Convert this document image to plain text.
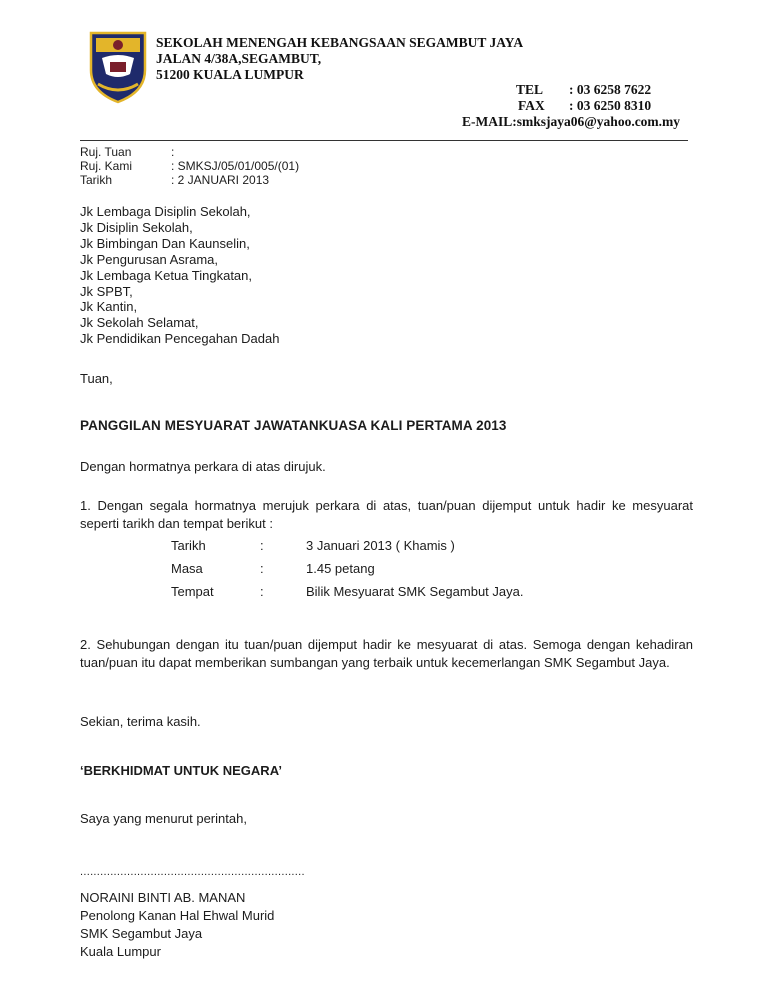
SEKOLAH MENENGAH KEBANGSAAN SEGAMBUT JAYA
JALAN 4/38A,SEGAMBUT,
51200 KUALA LUMPUR
TEL : 03 6258 7622
FAX : 03 6250 8310
E-MAIL:smksjaya06@yahoo.com.my
Ruj. Tuan	:
Ruj. Kami	: SMKSJ/05/01/005/(01)
Tarikh	: 2 JANUARI 2013
Jk Lembaga Disiplin Sekolah,
Jk Disiplin Sekolah,
Jk Bimbingan Dan Kaunselin,
Jk Pengurusan Asrama,
Jk Lembaga Ketua Tingkatan,
Jk SPBT,
Jk Kantin,
Jk Sekolah Selamat,
Jk Pendidikan Pencegahan Dadah
Tuan,
PANGGILAN MESYUARAT JAWATANKUASA KALI PERTAMA 2013
Dengan hormatnya perkara di atas dirujuk.
1. Dengan segala hormatnya merujuk perkara di atas, tuan/puan dijemput untuk hadir ke mesyuarat seperti tarikh dan tempat berikut :
Tarikh	:	3 Januari 2013 ( Khamis )
Masa	:	1.45 petang
Tempat	:	Bilik Mesyuarat SMK Segambut Jaya.
2. Sehubungan dengan itu tuan/puan dijemput hadir ke mesyuarat di atas. Semoga dengan kehadiran tuan/puan itu dapat memberikan sumbangan yang terbaik untuk kecemerlangan SMK Segambut Jaya.
Sekian, terima kasih.
‘BERKHIDMAT UNTUK NEGARA’
Saya yang menurut perintah,
...................................................................
NORAINI BINTI AB. MANAN
Penolong Kanan Hal Ehwal Murid
SMK Segambut Jaya
Kuala Lumpur
